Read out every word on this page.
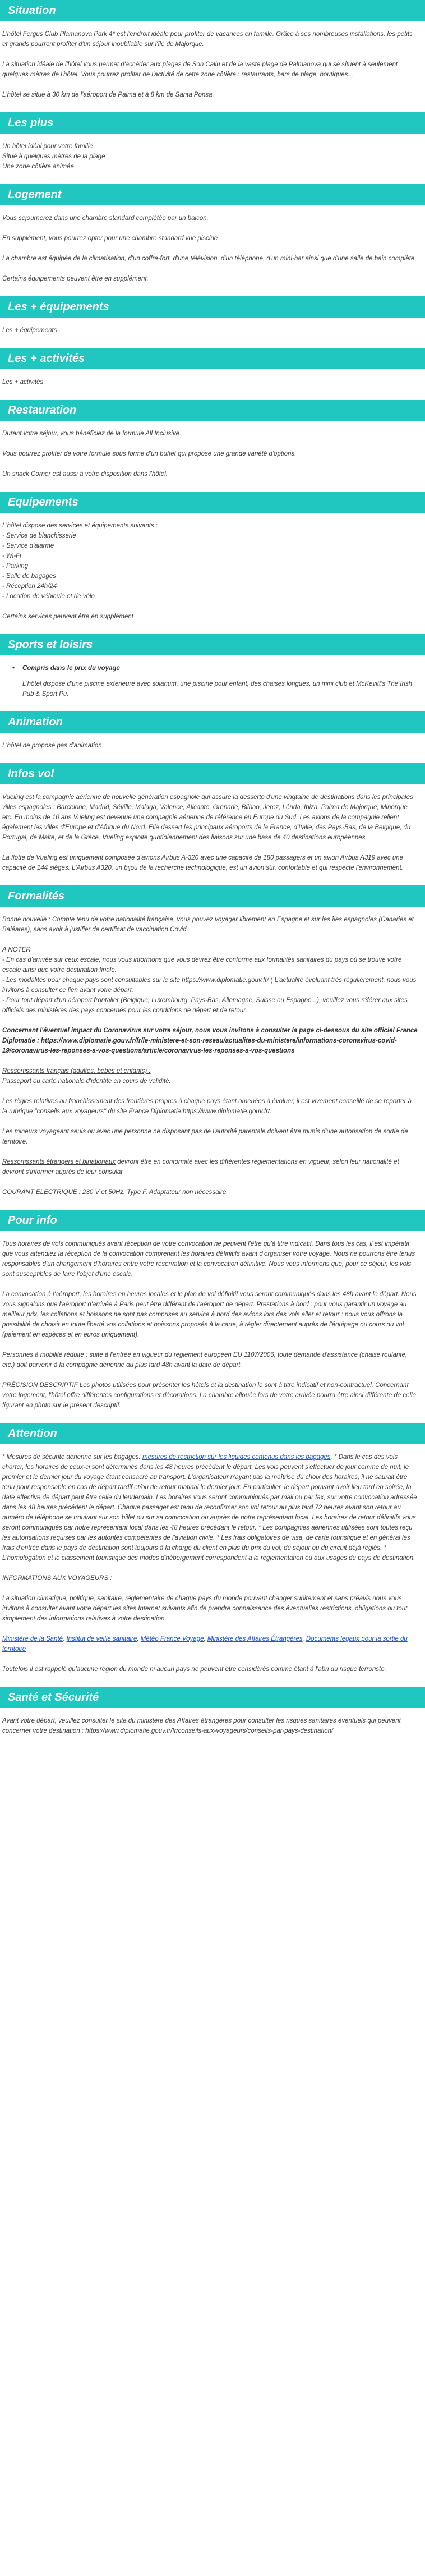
Situation

L'hôtel Fergus Club Plamanova Park 4* est l'endroit idéale pour profiter de vacances en famille. Grâce à ses nombreuses installations, les petits et grands pourront profiter d'un séjour inoubliable sur l'île de Majorque.

La situation idéale de l'hôtel vous permet d'accéder aux plages de Son Caliu et de la vaste plage de Palmanova qui se situent à seulement quelques mètres de l'hôtel. Vous pourrez profiter de l'activité de cette zone côtière : restaurants, bars de plage, boutiques...

L'hôtel se situe à 30 km de l'aéroport de Palma et à 8 km de Santa Ponsa.

Les plus

Un hôtel idéal pour votre famille
Situé à quelques mètres de la plage
Une zone côtière animée

Logement

Vous séjournerez dans une chambre standard complétée par un balcon.

En supplément, vous pourrez opter pour une chambre standard vue piscine

La chambre est équipée de la climatisation, d'un coffre-fort, d'une télévision, d'un téléphone, d'un mini-bar ainsi que d'une salle de bain complète.

Certains équipements peuvent être en supplément.

Les + équipements

Les + équipements

Les + activités

Les + activités

Restauration

Durant votre séjour, vous bénéficiez de la formule All Inclusive.

Vous pourrez profiter de votre formule sous forme d'un buffet qui propose une grande variété d'options.

Un snack Corner est aussi à votre disposition dans l'hôtel.

Equipements

L'hôtel dispose des services et équipements suivants :
- Service de blanchisserie
- Service d'alarme
- Wi-Fi
- Parking
- Salle de bagages
- Réception 24h/24
- Location de véhicule et de vélo

Certains services peuvent être en supplément

Sports et loisirs
• Compris dans le prix du voyage
L'hôtel dispose d'une piscine extérieure avec solarium, une piscine pour enfant, des chaises longues, un mini club et McKevitt's The Irish Pub & Sport Pu.
Animation

L'hôtel ne propose pas d'animation.

Infos vol

Vueling est la compagnie aérienne de nouvelle génération espagnole qui assure la desserte d'une vingtaine de destinations dans les principales villes espagnoles : Barcelone, Madrid, Séville, Malaga, Valence, Alicante, Grenade, Bilbao, Jerez, Lérida, Ibiza, Palma de Majorque, Minorque etc. En moins de 10 ans Vueling est devenue une compagnie aérienne de référence en Europe du Sud. Les avions de la compagnie relient également les villes d'Europe et d'Afrique du Nord. Elle dessert les principaux aéroports de la France, d'Italie, des Pays-Bas, de la Belgique, du Portugal, de Malte, et de la Grèce. Vueling exploite quotidiennement des liaisons sur une base de 40 destinations européennes.

La flotte de Vueling est uniquement composée d'avions Airbus A-320 avec une capacité de 180 passagers et un avion Airbus A319 avec une capacité de 144 sièges. L'Airbus A320, un bijou de la recherche technologique, est un avion sûr, confortable et qui respecte l'environnement.

Formalités

Bonne nouvelle : Compte tenu de votre nationalité française, vous pouvez voyager librement en Espagne et sur les îles espagnoles (Canaries et Baléares), sans avoir à justifier de certificat de vaccination Covid.

A NOTER
- En cas d'arrivée sur ceux escale, nous vous informons que vous devrez être conforme aux formalités sanitaires du pays où se trouve votre escale ainsi que votre destination finale.
- Les modalités pour chaque pays sont consultables sur le site https://www.diplomatie.gouv.fr/ ( L'actualité évoluant très régulièrement, nous vous invitons à consulter ce lien avant votre départ.
- Pour tout départ d'un aéroport frontalier (Belgique, Luxembourg, Pays-Bas, Allemagne, Suisse ou Espagne...), veuillez vous référer aux sites officiels des ministères des pays concernés pour les conditions de départ et de retour.

Concernant l'éventuel impact du Coronavirus sur votre séjour, nous vous invitons à consulter la page ci-dessous du site officiel France Diplomatie : https://www.diplomatie.gouv.fr/fr/le-ministere-et-son-reseau/actualites-du-ministere/informations-coronavirus-covid-19/coronavirus-les-reponses-a-vos-questions/article/coronavirus-les-reponses-a-vos-questions

Ressortissants français (adultes, bébés et enfants) :
Passeport ou carte nationale d'identité en cours de validité.

Les règles relatives au franchissement des frontières propres à chaque pays étant amenées à évoluer, il est vivement conseillé de se reporter à la rubrique "conseils aux voyageurs" du site France Diplomatie:https://www.diplomatie.gouv.fr/.

Les mineurs voyageant seuls ou avec une personne ne disposant pas de l'autorité parentale doivent être munis d'une autorisation de sortie de territoire.

Ressortissants étrangers et binationaux devront être en conformité avec les différentes réglementations en vigueur, selon leur nationalité et devront s'informer auprès de leur consulat.

COURANT ELECTRIQUE : 230 V et 50Hz. Type F. Adaptateur non nécessaire.

Pour info

Tous horaires de vols communiqués avant réception de votre convocation ne peuvent l'être qu'à titre indicatif. Dans tous les cas, il est impératif que vous attendiez la réception de la convocation comprenant les horaires définitifs avant d'organiser votre voyage. Nous ne pourrons être tenus responsables d'un changement d'horaires entre votre réservation et la convocation définitive. Nous vous informons que, pour ce séjour, les vols sont susceptibles de faire l'objet d'une escale.

La convocation à l'aéroport, les horaires en heures locales et le plan de vol définitif vous seront communiqués dans les 48h avant le départ. Nous vous signalons que l'aéroport d'arrivée à Paris peut être différent de l'aéroport de départ. Prestations à bord : pour vous garantir un voyage au meilleur prix, les collations et boissons ne sont pas comprises au service à bord des avions lors des vols aller et retour : nous vous offrons la possibilité de choisir en toute liberté vos collations et boissons proposés à la carte, à régler directement auprès de l'équipage ou cours du vol (paiement en espèces et en euros uniquement).

Personnes à mobilité réduite : suite à l'entrée en vigueur du règlement européen EU 1107/2006, toute demande d'assistance (chaise roulante, etc.) doit parvenir à la compagnie aérienne au plus tard 48h avant la date de départ.

PRÉCISION DESCRIPTIF Les photos utilisées pour présenter les hôtels et la destination le sont à titre indicatif et non-contractuel. Concernant votre logement, l'hôtel offre différentes configurations et décorations. La chambre allouée lors de votre arrivée pourra être ainsi différente de celle figurant en photo sur le présent descriptif.

Attention

* Mesures de sécurité aérienne sur les bagages: mesures de restriction sur les liquides contenus dans les bagages. * Dans le cas des vols charter, les horaires de ceux-ci sont déterminés dans les 48 heures précédent le départ. Les vols peuvent s'effectuer de jour comme de nuit, le premier et le dernier jour du voyage étant consacré au transport. L'organisateur n'ayant pas la maîtrise du choix des horaires, il ne saurait être tenu pour responsable en cas de départ tardif et/ou de retour matinal le dernier jour. En particulier, le départ pouvant avoir lieu tard en soirée, la date effective de départ peut être celle du lendemain. Les horaires vous seront communiqués par mail ou par fax, sur votre convocation adressée dans les 48 heures précédent le départ. Chaque passager est tenu de reconfirmer son vol retour au plus tard 72 heures avant son retour au numéro de téléphone se trouvant sur son billet ou sur sa convocation ou auprès de notre représentant local. Les horaires de retour définitifs vous seront communiqués par notre représentant local dans les 48 heures précédant le retour. * Les compagnies aériennes utilisées sont toutes reçu les autorisations requises par les autorités compétentes de l'aviation civile. * Les frais obligatoires de visa, de carte touristique et en général les frais d'entrée dans le pays de destination sont toujours à la charge du client en plus du prix du vol, du séjour ou du circuit déjà réglés. * L'homologation et le classement touristique des modes d'hébergement correspondent à la réglementation ou aux usages du pays de destination.

INFORMATIONS AUX VOYAGEURS :

La situation climatique, politique, sanitaire, réglementaire de chaque pays du monde pouvant changer subitement et sans préavis nous vous invitons à consulter avant votre départ les sites Internet suivants afin de prendre connaissance des éventuelles restrictions, obligations ou tout simplement des informations relatives à votre destination.

Ministère de la Santé, Institut de veille sanitaire, Météo France Voyage, Ministère des Affaires Étrangères, Documents légaux pour la sortie du territoire

Toutefois il est rappelé qu'aucune région du monde ni aucun pays ne peuvent être considérés comme étant à l'abri du risque terroriste.

Santé et Sécurité

Avant votre départ, veuillez consulter le site du ministère des Affaires étrangères pour consulter les risques sanitaires éventuels qui peuvent concerner votre destination : https://www.diplomatie.gouv.fr/fr/conseils-aux-voyageurs/conseils-par-pays-destination/
